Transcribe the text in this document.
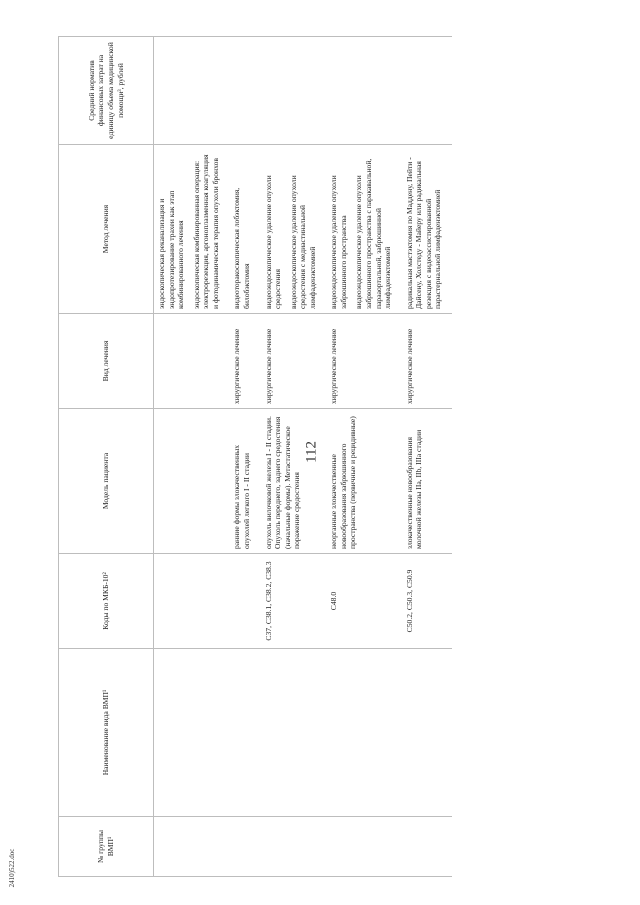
112
№ группы ВМП¹	Наименование вида ВМП¹	Коды по МКБ-10²	Модель пациента	Вид лечения	Метод лечения	Средний норматив финансовых затрат на единицу объема медицинской помощи³, рублей

					эндоскопическая реканализация и эндопротезирование трахеи как этап комбинированного лечения эндоскопическая комбинированная операция: электрорезекция, аргоноплазменная коагуляция и фотодинамическая терапия опухоли бронхов	

			ранние формы злокачественных опухолей легкого I - II стадии	хирургическое лечение	видеоторакоскопическая лобэктомия, билобэктомия	

		C37, C38.1, C38.2, C38.3	опухоль вилочковой железы I - II стадии. Опухоль переднего, заднего средостения (начальные формы). Метастатическое поражение средостения	хирургическое лечение	видеоэндоскопическое удаление опухоли средостения видеоэндоскопическое удаление опухоли средостения с медиастинальной лимфаденэктомией	

		C48.0	неорганные злокачественные новообразования забрюшинного пространства (первичные и рецидивные)	хирургическое лечение	видеоэндоскопическое удаление опухоли забрюшинного пространства видеоэндоскопическое удаление опухоли забрюшинного пространства с паракавальной, парааортальной, забрюшинной лимфаденэктомией	

		C50.2, C50.3, C50.9	злокачественные новообразования молочной железы IIa, IIb, IIIa стадии	хирургическое лечение	радикальная мастэктомия по Маддену, Пейти - Дайсену, Холстеду - Майеру или радикальная резекция с видеоассистированной парастернальной лимфаденэктомией	

2410)522.doc
